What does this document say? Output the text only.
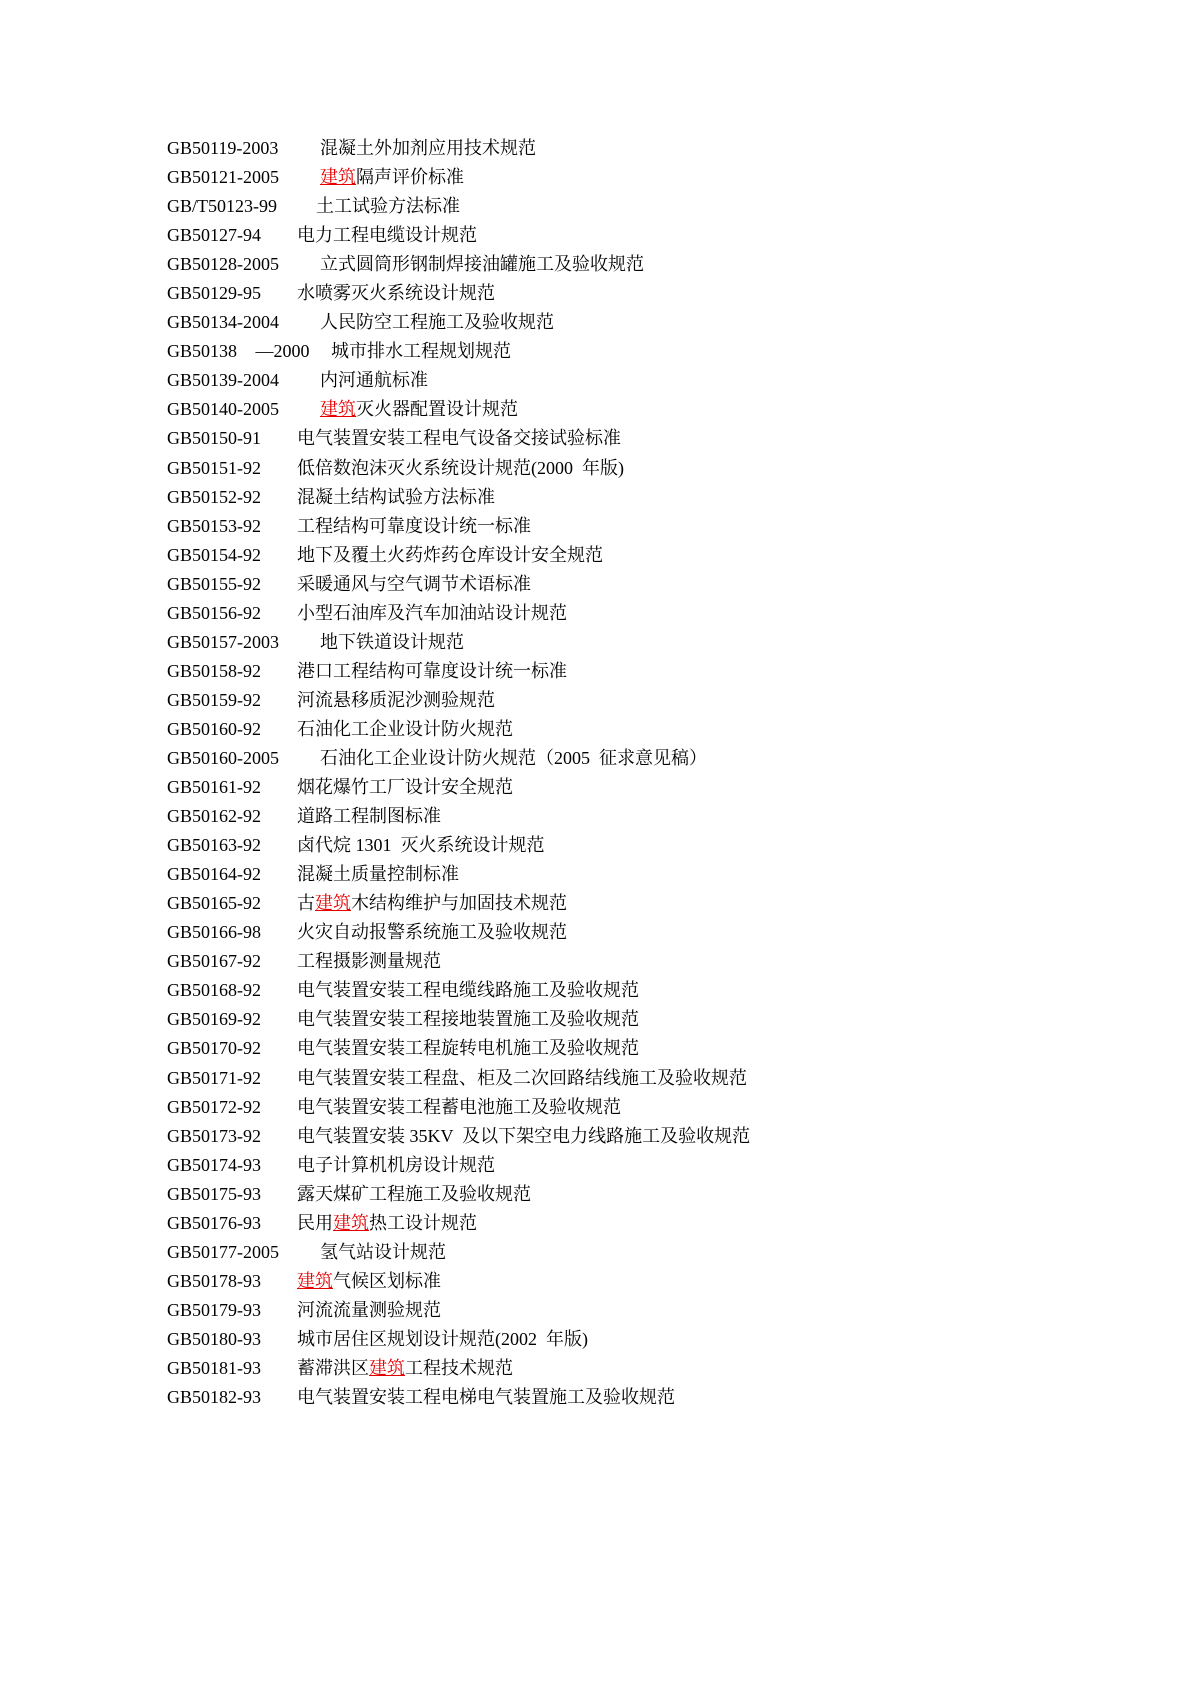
GB50119-2003 混凝土外加剂应用技术规范
GB50121-2005 建筑隔声评价标准
GB/T50123-99 土工试验方法标准
GB50127-94 电力工程电缆设计规范
GB50128-2005 立式圆筒形钢制焊接油罐施工及验收规范
GB50129-95 水喷雾灭火系统设计规范
GB50134-2004 人民防空工程施工及验收规范
GB50138 —2000 城市排水工程规划规范
GB50139-2004 内河通航标准
GB50140-2005 建筑灭火器配置设计规范
GB50150-91 电气装置安装工程电气设备交接试验标准
GB50151-92 低倍数泡沫灭火系统设计规范(2000  年版)
GB50152-92 混凝土结构试验方法标准
GB50153-92 工程结构可靠度设计统一标准
GB50154-92 地下及覆土火药炸药仓库设计安全规范
GB50155-92 采暖通风与空气调节术语标准
GB50156-92 小型石油库及汽车加油站设计规范
GB50157-2003 地下铁道设计规范
GB50158-92 港口工程结构可靠度设计统一标准
GB50159-92 河流悬移质泥沙测验规范
GB50160-92 石油化工企业设计防火规范
GB50160-2005 石油化工企业设计防火规范（2005  征求意见稿）
GB50161-92 烟花爆竹工厂设计安全规范
GB50162-92 道路工程制图标准
GB50163-92 卤代烷 1301  灭火系统设计规范
GB50164-92 混凝土质量控制标准
GB50165-92 古建筑木结构维护与加固技术规范
GB50166-98 火灾自动报警系统施工及验收规范
GB50167-92 工程摄影测量规范
GB50168-92 电气装置安装工程电缆线路施工及验收规范
GB50169-92 电气装置安装工程接地装置施工及验收规范
GB50170-92 电气装置安装工程旋转电机施工及验收规范
GB50171-92 电气装置安装工程盘、柜及二次回路结线施工及验收规范
GB50172-92 电气装置安装工程蓄电池施工及验收规范
GB50173-92 电气装置安装 35KV  及以下架空电力线路施工及验收规范
GB50174-93 电子计算机机房设计规范
GB50175-93 露天煤矿工程施工及验收规范
GB50176-93 民用建筑热工设计规范
GB50177-2005 氢气站设计规范
GB50178-93 建筑气候区划标准
GB50179-93 河流流量测验规范
GB50180-93 城市居住区规划设计规范(2002  年版)
GB50181-93 蓄滞洪区建筑工程技术规范
GB50182-93 电气装置安装工程电梯电气装置施工及验收规范
